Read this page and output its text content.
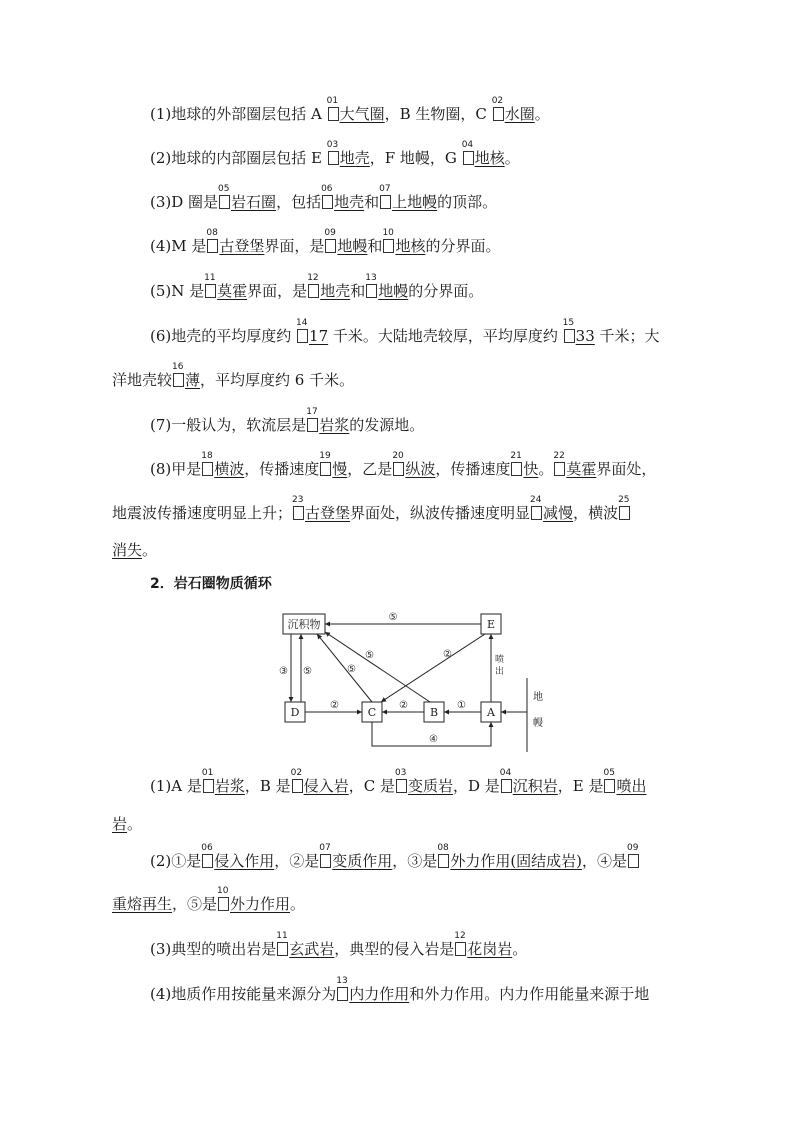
(1)地球的外部圈层包括 A
01
大气圈，B 生物圈，C
02
水圈。
(2)地球的内部圈层包括 E
03
地壳，F 地幔，G
04
地核。
(3)D 圈是
05
岩石圈，包括
06
地壳和
07
上地幔的顶部。
(4)M 是
08
古登堡界面，是
09
地幔和
10
地核的分界面。
(5)N 是
11
莫霍界面，是
12
地壳和
13
地幔的分界面。
(6)地壳的平均厚度约
14
17 千米。大陆地壳较厚，平均厚度约
15
33 千米；大
洋地壳较
16
薄，平均厚度约 6 千米。
(7)一般认为，软流层是
17
岩浆的发源地。
(8)甲是
18
横波，传播速度
19
慢，乙是
20
纵波，传播速度
21
快。
22
莫霍界面处，
地震波传播速度明显上升；
23
古登堡界面处，纵波传播速度明显
24
减慢，横波
25
消失。
2．岩石圈物质循环
沉积物	E
D	C	B	A
⑤
③ ⑤	⑤
⑤	②	喷
出
②	②	①
④
地
幔
(1)A 是
01
岩浆，B 是
02
侵入岩，C 是
03
变质岩，D 是
04
沉积岩，E 是
05
喷出
岩。
(2)①是
06
侵入作用，②是
07
变质作用，③是
08
外力作用(固结成岩)，④是
09
重熔再生，⑤是
10
外力作用。
(3)典型的喷出岩是
11
玄武岩，典型的侵入岩是
12
花岗岩。
(4)地质作用按能量来源分为
13
内力作用和外力作用。内力作用能量来源于地
